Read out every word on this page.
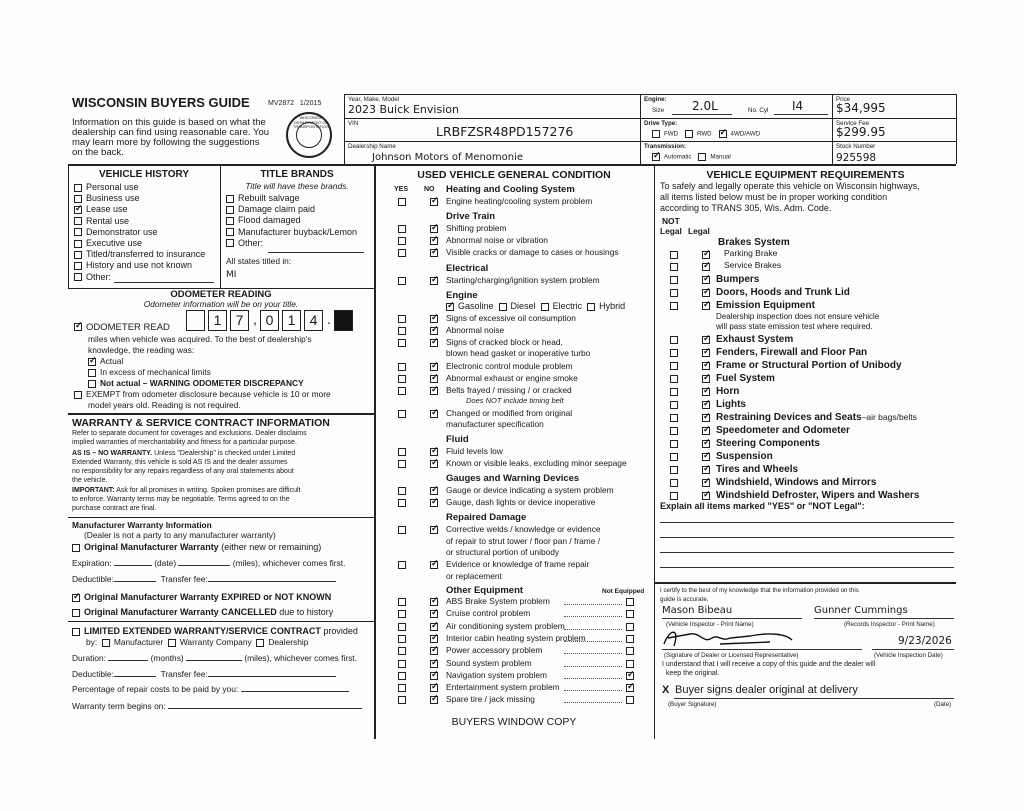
WISCONSIN BUYERS GUIDE	MV2872 1/2015
Information on this guide is based on what the dealership can find using reasonable care. You may learn more by following the suggestions on the back.
WISCONSIN DEPARTMENT OF TRANSPORTATION
Year, Make, Model
2023 Buick Envision
VIN
LRBFZSR48PD157276
Dealership Name
Johnson Motors of Menomonie
Engine:
Size 2.0L	No. Cyl I4
Drive Type:
FWD	RWD    ✓	4WD/AWD
Transmission:
✓Automatic	Manual
Price
$34,995
Service Fee
$299.95
Stock Number
925598
VEHICLE HISTORY
Personal use
Business use
✓Lease use
Rental use
Demonstrator use
Executive use
Titled/transferred to insurance
History and use not known
Other:
TITLE BRANDS
Title will have these brands.
Rebuilt salvage
Damage claim paid
Flood damaged
Manufacturer buyback/Lemon
Other:
All states titled in:
MI
ODOMETER READING
Odometer information will be on your title.
✓ODOMETER READ	1 7 , 0 1 4 .
miles when vehicle was acquired. To the best of dealership's
knowledge, the reading was:
✓Actual
In excess of mechanical limits
Not actual – WARNING ODOMETER DISCREPANCY
EXEMPT from odometer disclosure because vehicle is 10 or more
model years old. Reading is not required.
WARRANTY & SERVICE CONTRACT INFORMATION
Refer to separate document for coverages and exclusions. Dealer disclaims
implied warranties of merchantability and fitness for a particular purpose.
AS IS – NO WARRANTY. Unless "Dealership" is checked under Limited
Extended Warranty, this vehicle is sold AS IS and the dealer assumes
no responsibility for any repairs regardless of any oral statements about
the vehicle.
IMPORTANT: Ask for all promises in writing. Spoken promises are difficult
to enforce. Warranty terms may be negotiable. Terms agreed to on the
purchase contract are final.
Manufacturer Warranty Information
(Dealer is not a party to any manufacturer warranty)
Original Manufacturer Warranty (either new or remaining)
Expiration:	(date)	(miles), whichever comes first.
Deductible:	Transfer fee:
✓Original Manufacturer Warranty EXPIRED or NOT KNOWN
Original Manufacturer Warranty CANCELLED due to history
LIMITED EXTENDED WARRANTY/SERVICE CONTRACT provided
by: Manufacturer Warranty Company Dealership
Duration:	(months)	(miles), whichever comes first.
Deductible:	Transfer fee:
Percentage of repair costs to be paid by you:
Warranty term begins on:
USED VEHICLE GENERAL CONDITION
YES NO Heating and Cooling System
✓
Engine heating/cooling system problem
Drive Train
✓
Shifting problem
✓
Abnormal noise or vibration
✓
Visible cracks or damage to cases or housings
Electrical
✓
Starting/charging/ignition system problem
Engine
✓Gasoline Diesel Electric Hybrid
✓
Signs of excessive oil consumption
✓
Abnormal noise
✓
Signs of cracked block or head,
blown head gasket or inoperative turbo
✓
Electronic control module problem
✓
Abnormal exhaust or engine smoke
✓
Belts frayed / missing / or cracked
Does NOT include timing belt
✓
Changed or modified from original
manufacturer specification
Fluid
✓
Fluid levels low
✓
Known or visible leaks, excluding minor seepage
Gauges and Warning Devices
✓
Gauge or device indicating a system problem
✓
Gauge, dash lights or device inoperative
Repaired Damage
✓
Corrective welds / knowledge or evidence
of repair to strut tower / floor pan / frame /
or structural portion of unibody
✓
Evidence or knowledge of frame repair
or replacement
Other Equipment	Not Equipped
✓
ABS Brake System problem
✓
Cruise control problem
✓
Air conditioning system problem
✓
Interior cabin heating system problem
✓
Power accessory problem
✓
Sound system problem
✓
Navigation system problem
✓
✓
Entertainment system problem
✓
✓
Spare tire / jack missing
VEHICLE EQUIPMENT REQUIREMENTS
To safely and legally operate this vehicle on Wisconsin highways,
all items listed below must be in proper working condition
according to TRANS 305, Wis. Adm. Code.
NOT
Legal Legal
Brakes System
✓
Parking Brake
✓
Service Brakes
✓
Bumpers
✓
Doors, Hoods and Trunk Lid
✓
Emission Equipment
✓
Exhaust System
✓
Fenders, Firewall and Floor Pan
✓
Frame or Structural Portion of Unibody
✓
Fuel System
✓
Horn
✓
Lights
✓
Restraining Devices and Seats–air bags/belts
✓
Speedometer and Odometer
✓
Steering Components
✓
Suspension
✓
Tires and Wheels
✓
Windshield, Windows and Mirrors
✓
Windshield Defroster, Wipers and Washers
Dealership inspection does not ensure vehicle
will pass state emission test where required.
Explain all items marked "YES" or "NOT Legal":
I certify to the best of my knowledge that the information provided on this
guide is accurate.
Mason Bibeau	Gunner Cummings
(Vehicle Inspector - Print Name)	(Records Inspector - Print Name)
9/23/2026
(Signature of Dealer or Licensed Representative)	(Vehicle Inspection Date)
I understand that I will receive a copy of this guide and the dealer will
keep the original.
X Buyer signs dealer original at delivery
(Buyer Signature)	(Date)
BUYERS WINDOW COPY
